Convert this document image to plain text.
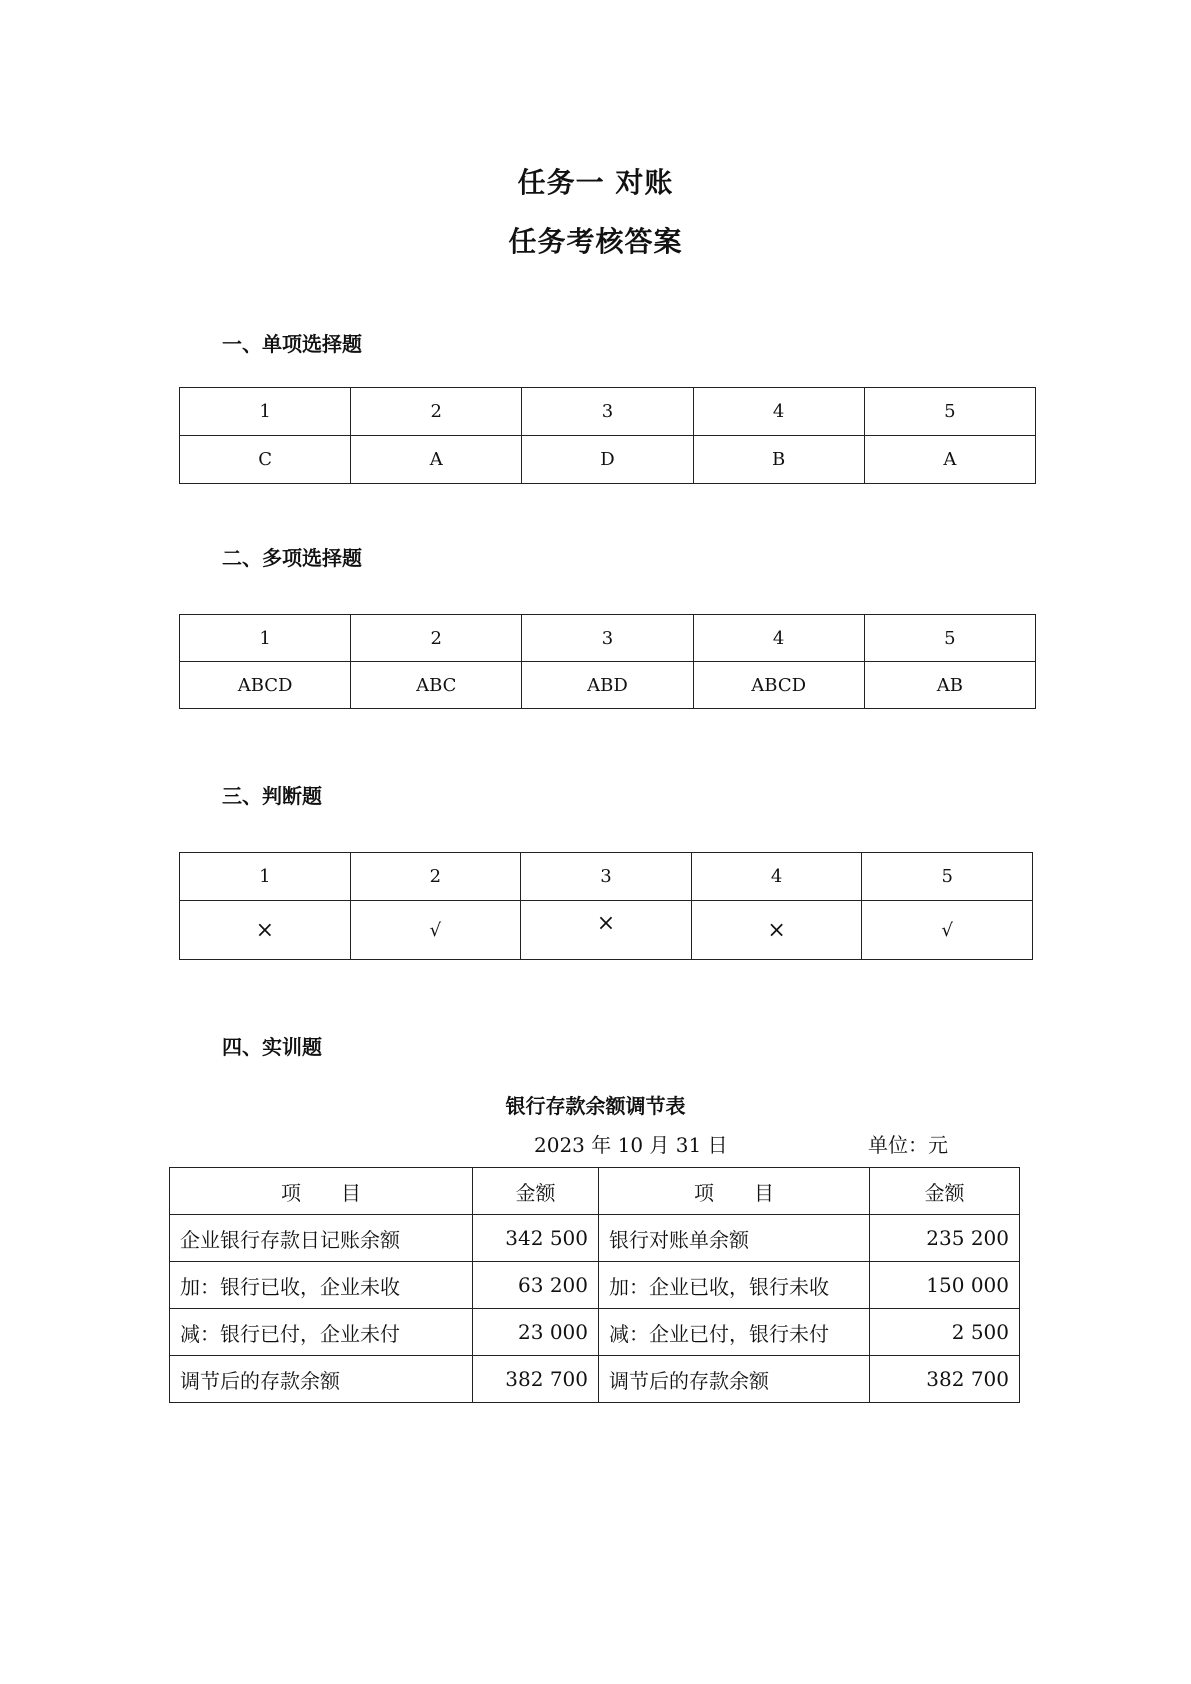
任务一 对账
任务考核答案
一、单项选择题
1	2	3	4	5
C	A	D	B	A
二、多项选择题
1	2	3	4	5
ABCD	ABC	ABD	ABCD	AB
三、判断题
1	2	3	4	5
×	√	×	×	√
四、实训题
银行存款余额调节表
2023 年 10 月 31 日	单位：元
项　　目	金额	项　　目	金额
企业银行存款日记账余额	342 500	银行对账单余额	235 200
加：银行已收，企业未收	63 200	加：企业已收，银行未收	150 000
减：银行已付，企业未付	23 000	减：企业已付，银行未付	2 500
调节后的存款余额	382 700	调节后的存款余额	382 700
